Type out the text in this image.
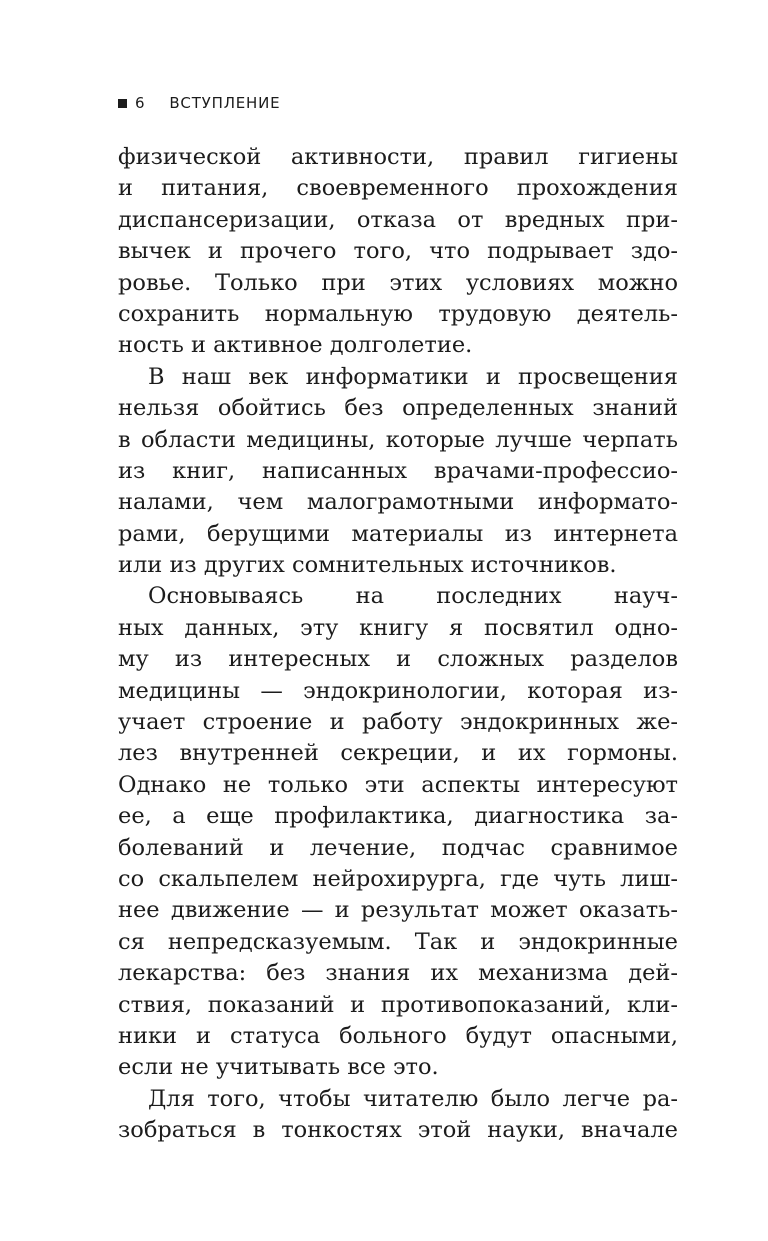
6 ВСТУПЛЕНИЕ
физической активности, правил гигиены
и питания, своевременного прохождения
диспансеризации, отказа от вредных при-
вычек и прочего того, что подрывает здо-
ровье. Только при этих условиях можно
сохранить нормальную трудовую деятель-
ность и активное долголетие.
В наш век информатики и просвещения
нельзя обойтись без определенных знаний
в области медицины, которые лучше черпать
из книг, написанных врачами-профессио-
налами, чем малограмотными информато-
рами, берущими материалы из интернета
или из других сомнительных источников.
Основываясь на последних науч-
ных данных, эту книгу я посвятил одно-
му из интересных и сложных разделов
медицины — эндокринологии, которая из-
учает строение и работу эндокринных же-
лез внутренней секреции, и их гормоны.
Однако не только эти аспекты интересуют
ее, а еще профилактика, диагностика за-
болеваний и лечение, подчас сравнимое
со скальпелем нейрохирурга, где чуть лиш-
нее движение — и результат может оказать-
ся непредсказуемым. Так и эндокринные
лекарства: без знания их механизма дей-
ствия, показаний и противопоказаний, кли-
ники и статуса больного будут опасными,
если не учитывать все это.
Для того, чтобы читателю было легче ра-
зобраться в тонкостях этой науки, вначале
